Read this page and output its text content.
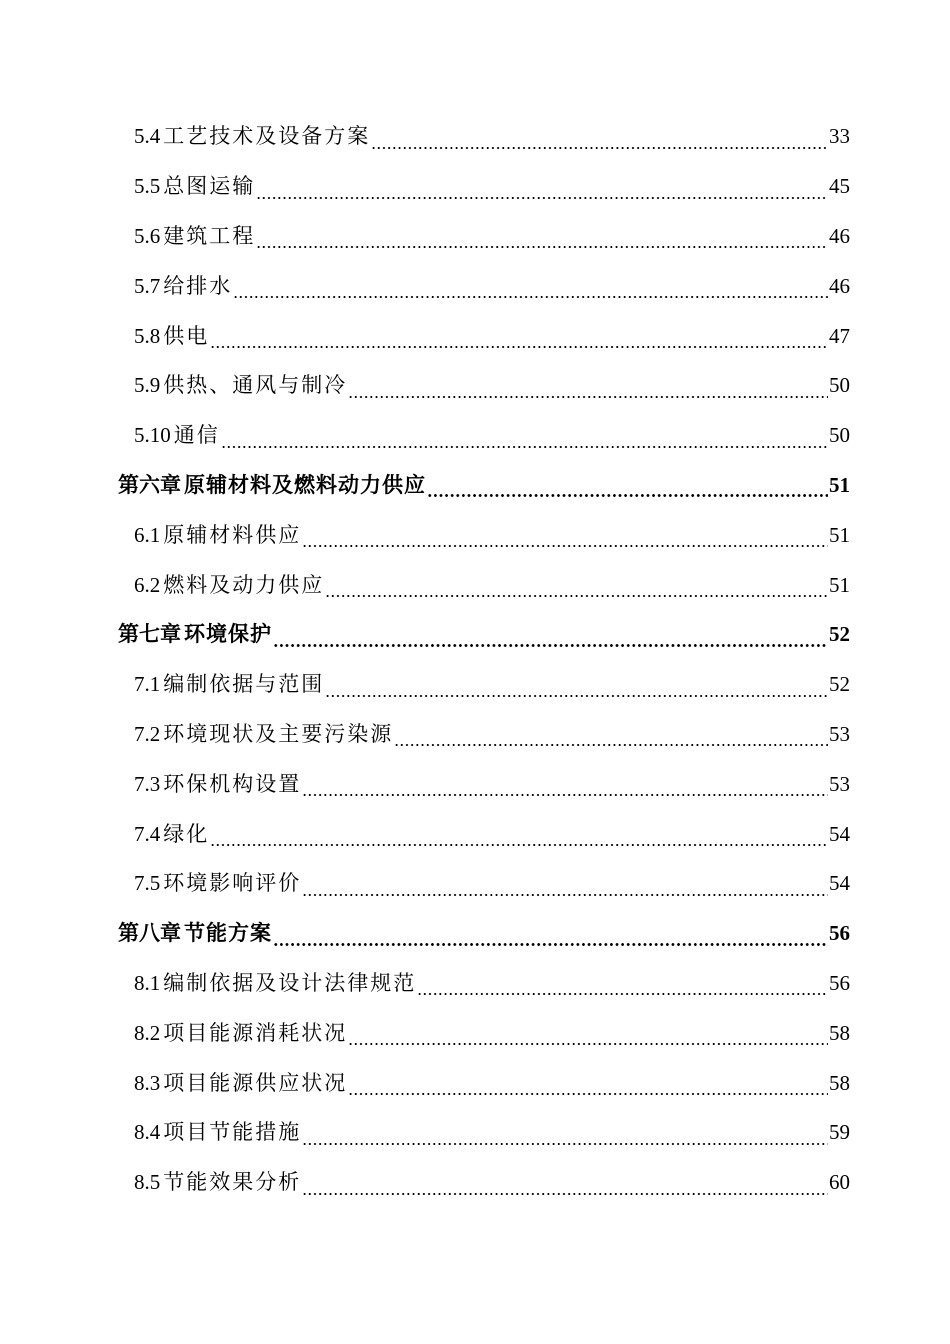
5.4 工艺技术及设备方案	33
5.5 总图运输	45
5.6 建筑工程	46
5.7 给排水	46
5.8 供电	47
5.9 供热、通风与制冷	50
5.10 通信	50
第六章 原辅材料及燃料动力供应	51
6.1 原辅材料供应	51
6.2 燃料及动力供应	51
第七章 环境保护	52
7.1 编制依据与范围	52
7.2 环境现状及主要污染源	53
7.3 环保机构设置	53
7.4 绿化	54
7.5 环境影响评价	54
第八章 节能方案	56
8.1 编制依据及设计法律规范	56
8.2 项目能源消耗状况	58
8.3 项目能源供应状况	58
8.4 项目节能措施	59
8.5 节能效果分析	60
